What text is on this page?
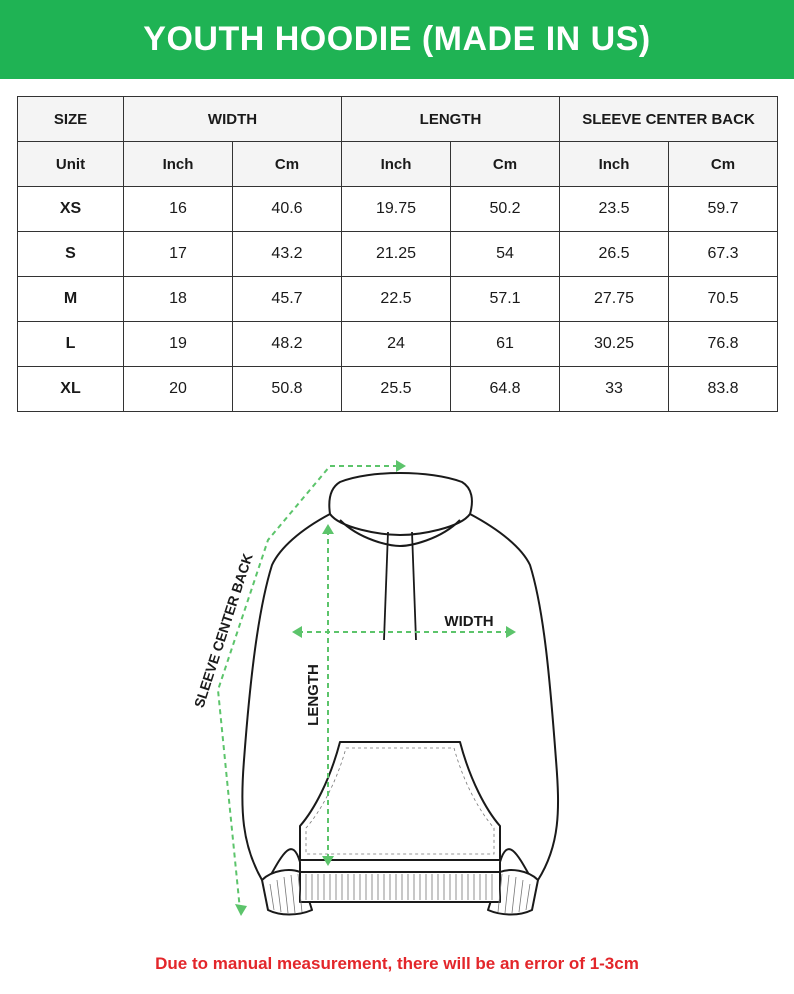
YOUTH HOODIE (MADE IN US)
SIZE	WIDTH		LENGTH		SLEEVE CENTER BACK	
Unit	Inch	Cm	Inch	Cm	Inch	Cm
XS	16	40.6	19.75	50.2	23.5	59.7
S	17	43.2	21.25	54	26.5	67.3
M	18	45.7	22.5	57.1	27.75	70.5
L	19	48.2	24	61	30.25	76.8
XL	20	50.8	25.5	64.8	33	83.8
WIDTH
LENGTH
SLEEVE CENTER BACK
Due to manual measurement, there will be an error of 1-3cm
